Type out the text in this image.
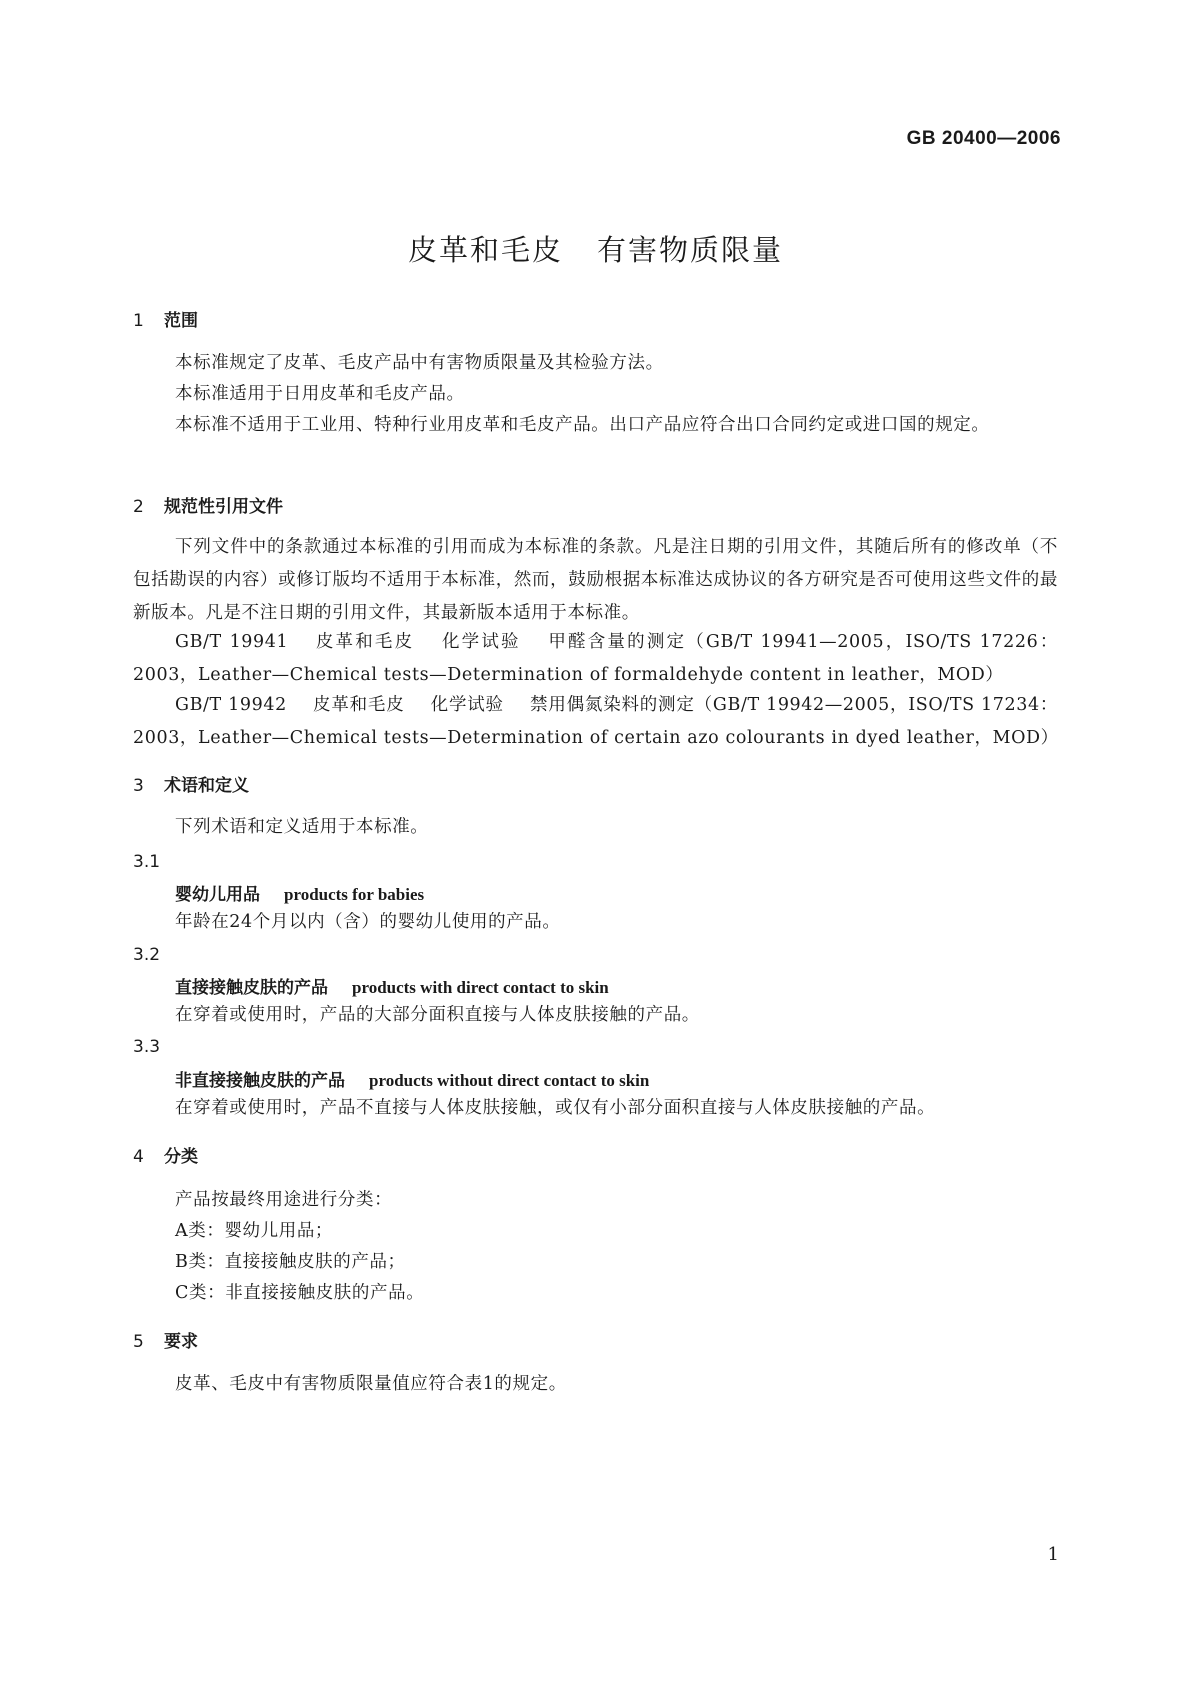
GB 20400—2006
皮革和毛皮 有害物质限量
1 范围
本标准规定了皮革、毛皮产品中有害物质限量及其检验方法。
本标准适用于日用皮革和毛皮产品。
本标准不适用于工业用、特种行业用皮革和毛皮产品。出口产品应符合出口合同约定或进口国的规定。
2 规范性引用文件
下列文件中的条款通过本标准的引用而成为本标准的条款。凡是注日期的引用文件，其随后所有的修改单（不包括勘误的内容）或修订版均不适用于本标准，然而，鼓励根据本标准达成协议的各方研究是否可使用这些文件的最新版本。凡是不注日期的引用文件，其最新版本适用于本标准。
GB/T 19941 皮革和毛皮 化学试验 甲醛含量的测定（GB/T 19941—2005，ISO/TS 17226：2003，Leather—Chemical tests—Determination of formaldehyde content in leather，MOD）
GB/T 19942 皮革和毛皮 化学试验 禁用偶氮染料的测定（GB/T 19942—2005，ISO/TS 17234：2003，Leather—Chemical tests—Determination of certain azo colourants in dyed leather，MOD）
3 术语和定义
下列术语和定义适用于本标准。
3.1
婴幼儿用品 products for babies
年龄在24个月以内（含）的婴幼儿使用的产品。
3.2
直接接触皮肤的产品 products with direct contact to skin
在穿着或使用时，产品的大部分面积直接与人体皮肤接触的产品。
3.3
非直接接触皮肤的产品 products without direct contact to skin
在穿着或使用时，产品不直接与人体皮肤接触，或仅有小部分面积直接与人体皮肤接触的产品。
4 分类
产品按最终用途进行分类：
A类：婴幼儿用品；
B类：直接接触皮肤的产品；
C类：非直接接触皮肤的产品。
5 要求
皮革、毛皮中有害物质限量值应符合表1的规定。
1
